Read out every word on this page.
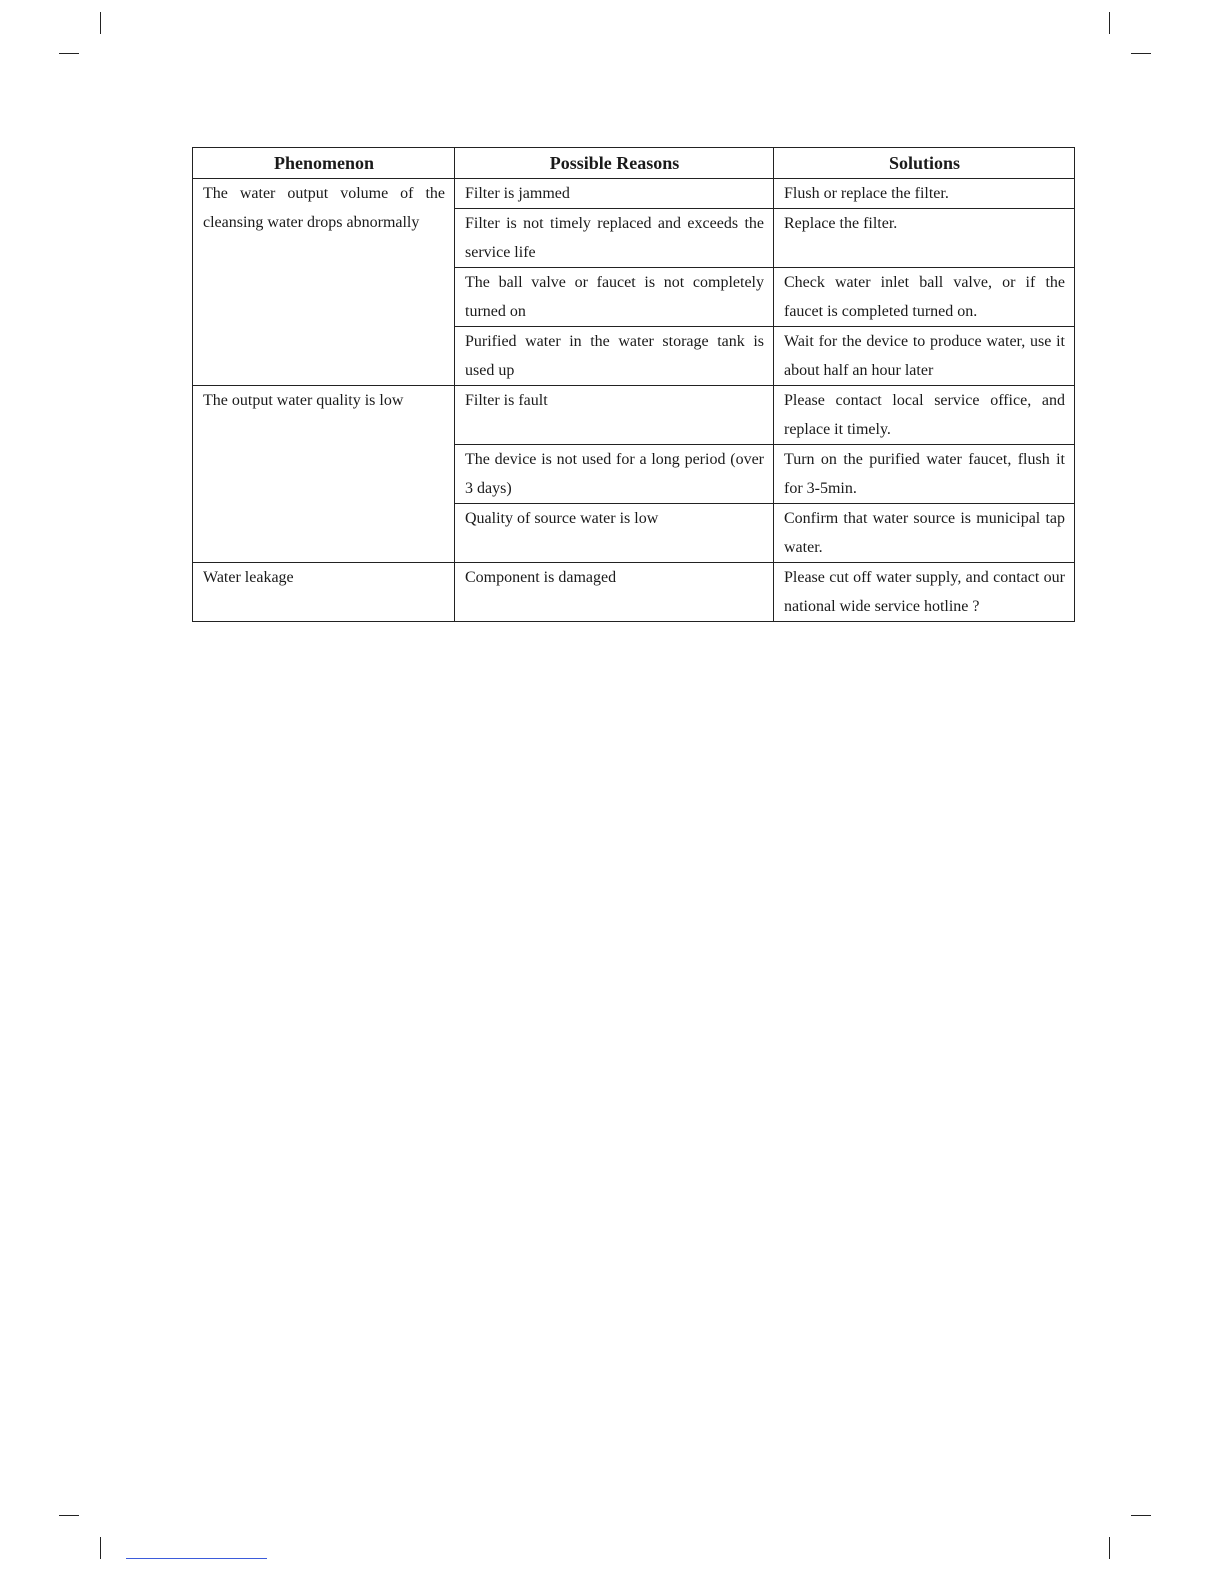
Phenomenon	Possible Reasons	Solutions
The water output volume of the cleansing water drops abnormally	Filter is jammed	Flush or replace the filter.
	Filter is not timely replaced and exceeds the service life	Replace the filter.
	The ball valve or faucet is not completely turned on	Check water inlet ball valve, or if the faucet is completed turned on.
	Purified water in the water storage tank is used up	Wait for the device to produce water, use it about half an hour later
The output water quality is low	Filter is fault	Please contact local service office, and replace it timely.
	The device is not used for a long period (over 3 days)	Turn on the purified water faucet, flush it for 3-5min.
	Quality of source water is low	Confirm that water source is municipal tap water.
Water leakage	Component is damaged	Please cut off water supply, and contact our national wide service hotline ?
